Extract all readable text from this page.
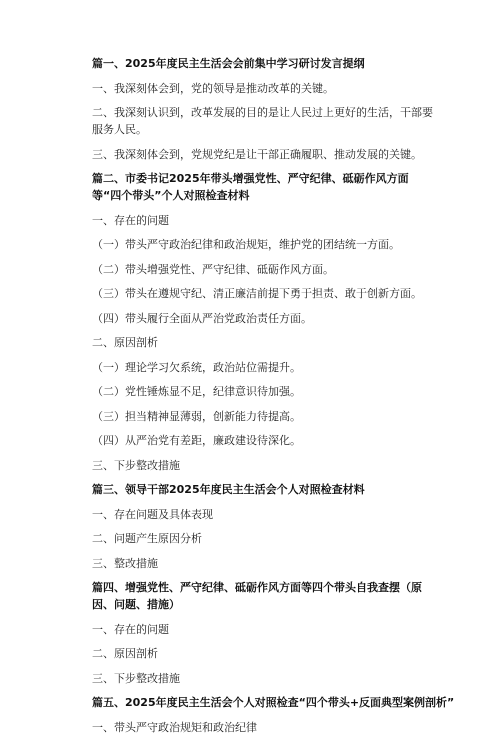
篇一、2025年度民主生活会会前集中学习研讨发言提纲
一、我深刻体会到，党的领导是推动改革的关键。
二、我深刻认识到，改革发展的目的是让人民过上更好的生活，干部要服务人民。
三、我深刻体会到，党规党纪是让干部正确履职、推动发展的关键。
篇二、市委书记2025年带头增强党性、严守纪律、砥砺作风方面等“四个带头”个人对照检查材料
一、存在的问题
（一）带头严守政治纪律和政治规矩，维护党的团结统一方面。
（二）带头增强党性、严守纪律、砥砺作风方面。
（三）带头在遵规守纪、清正廉洁前提下勇于担责、敢于创新方面。
（四）带头履行全面从严治党政治责任方面。
二、原因剖析
（一）理论学习欠系统，政治站位需提升。
（二）党性锤炼显不足，纪律意识待加强。
（三）担当精神显薄弱，创新能力待提高。
（四）从严治党有差距，廉政建设待深化。
三、下步整改措施
篇三、领导干部2025年度民主生活会个人对照检查材料
一、存在问题及具体表现
二、问题产生原因分析
三、整改措施
篇四、增强党性、严守纪律、砥砺作风方面等四个带头自我查摆（原因、问题、措施）
一、存在的问题
二、原因剖析
三、下步整改措施
篇五、2025年度民主生活会个人对照检查“四个带头+反面典型案例剖析”
一、带头严守政治规矩和政治纪律
